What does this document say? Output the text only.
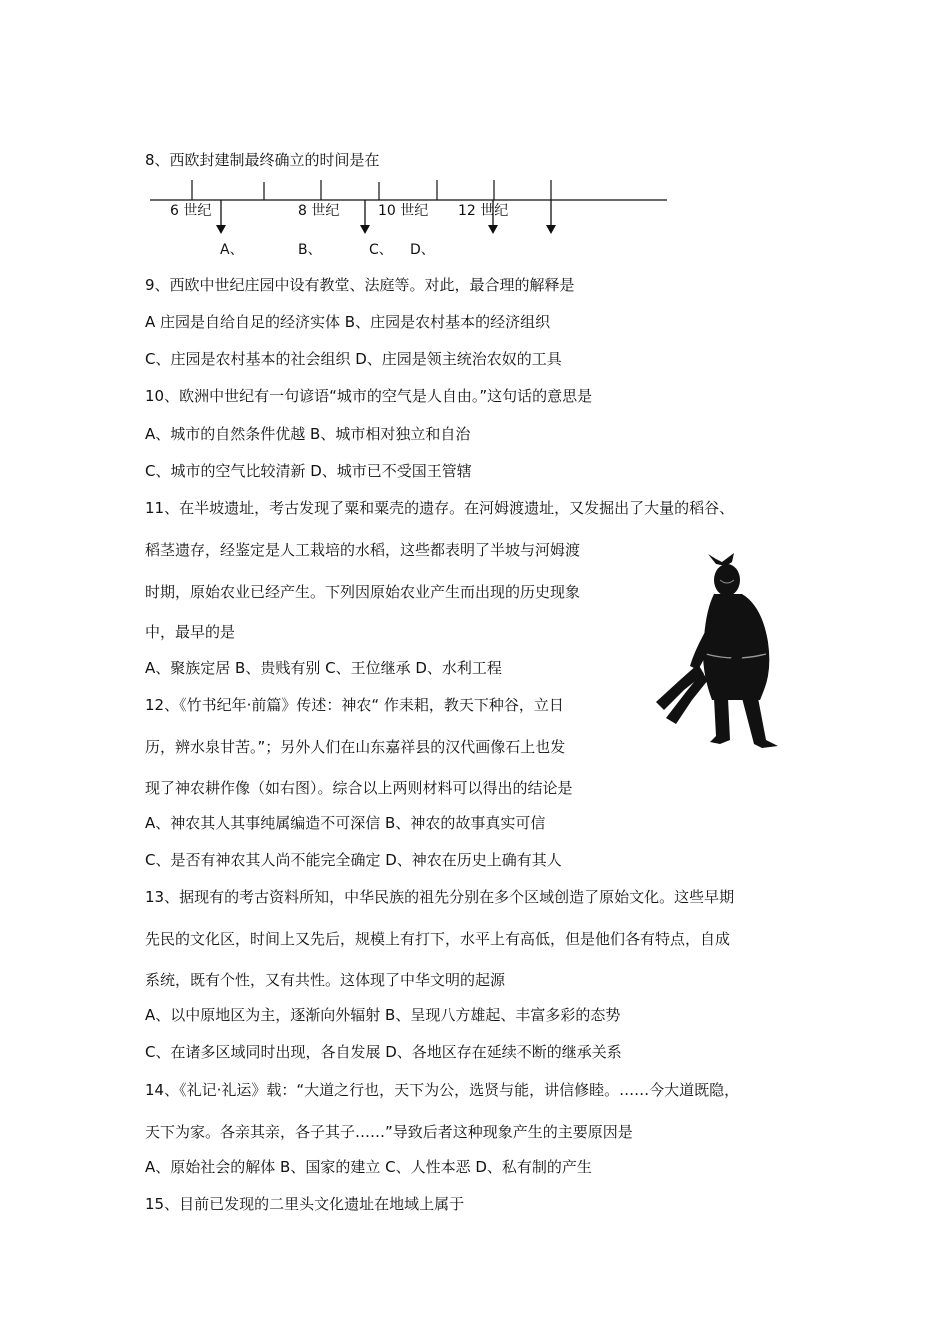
8、西欧封建制最终确立的时间是在

6 世纪	8 世纪	10 世纪 12 世纪
A、	B、	C、 D、

9、西欧中世纪庄园中设有教堂、法庭等。对此，最合理的解释是

A 庄园是自给自足的经济实体 B、庄园是农村基本的经济组织

C、庄园是农村基本的社会组织 D、庄园是领主统治农奴的工具

10、欧洲中世纪有一句谚语“城市的空气是人自由。”这句话的意思是

A、城市的自然条件优越 B、城市相对独立和自治

C、城市的空气比较清新 D、城市已不受国王管辖

11、在半坡遗址，考古发现了粟和粟壳的遗存。在河姆渡遗址，又发掘出了大量的稻谷、

稻茎遗存，经鉴定是人工栽培的水稻，这些都表明了半坡与河姆渡

时期，原始农业已经产生。下列因原始农业产生而出现的历史现象

中，最早的是

A、聚族定居 B、贵贱有别 C、王位继承 D、水利工程

12、《竹书纪年·前篇》传述：神农“ 作耒耜，教天下种谷，立日

历，辨水泉甘苦。”；另外人们在山东嘉祥县的汉代画像石上也发

现了神农耕作像（如右图）。综合以上两则材料可以得出的结论是

A、神农其人其事纯属编造不可深信 B、神农的故事真实可信

C、是否有神农其人尚不能完全确定 D、神农在历史上确有其人

13、据现有的考古资料所知，中华民族的祖先分别在多个区域创造了原始文化。这些早期

先民的文化区，时间上又先后，规模上有打下，水平上有高低，但是他们各有特点，自成

系统，既有个性，又有共性。这体现了中华文明的起源

A、以中原地区为主，逐渐向外辐射 B、呈现八方雄起、丰富多彩的态势

C、在诸多区域同时出现，各自发展 D、各地区存在延续不断的继承关系

14、《礼记·礼运》载：“大道之行也，天下为公，选贤与能，讲信修睦。……今大道既隐，

天下为家。各亲其亲，各子其子……”导致后者这种现象产生的主要原因是

A、原始社会的解体 B、国家的建立 C、人性本恶 D、私有制的产生

15、目前已发现的二里头文化遗址在地域上属于
